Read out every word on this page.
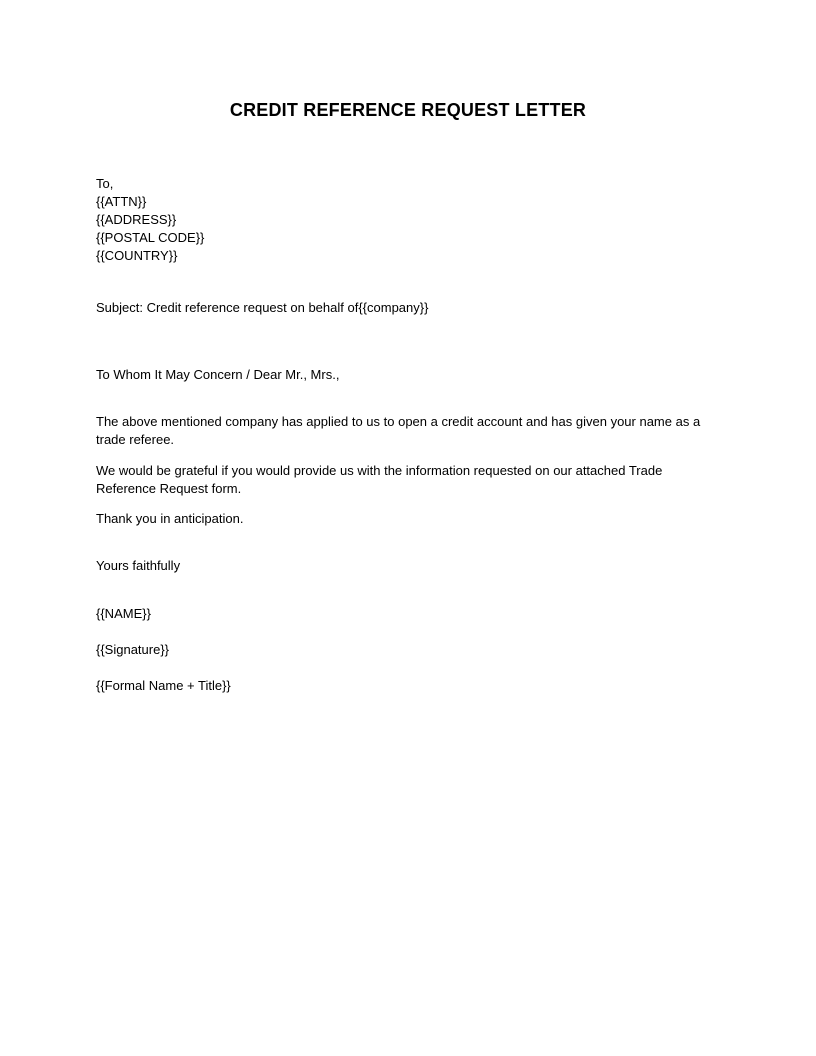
CREDIT REFERENCE REQUEST LETTER
To,
{{ATTN}}
{{ADDRESS}}
{{POSTAL CODE}}
{{COUNTRY}}
Subject: Credit reference request on behalf of{{company}}
To Whom It May Concern / Dear Mr., Mrs.,

The above mentioned company has applied to us to open a credit account and has given your name as a trade referee.

We would be grateful if you would provide us with the information requested on our attached Trade Reference Request form.

Thank you in anticipation.

Yours faithfully
{{NAME}}
{{Signature}}
{{Formal Name + Title}}
